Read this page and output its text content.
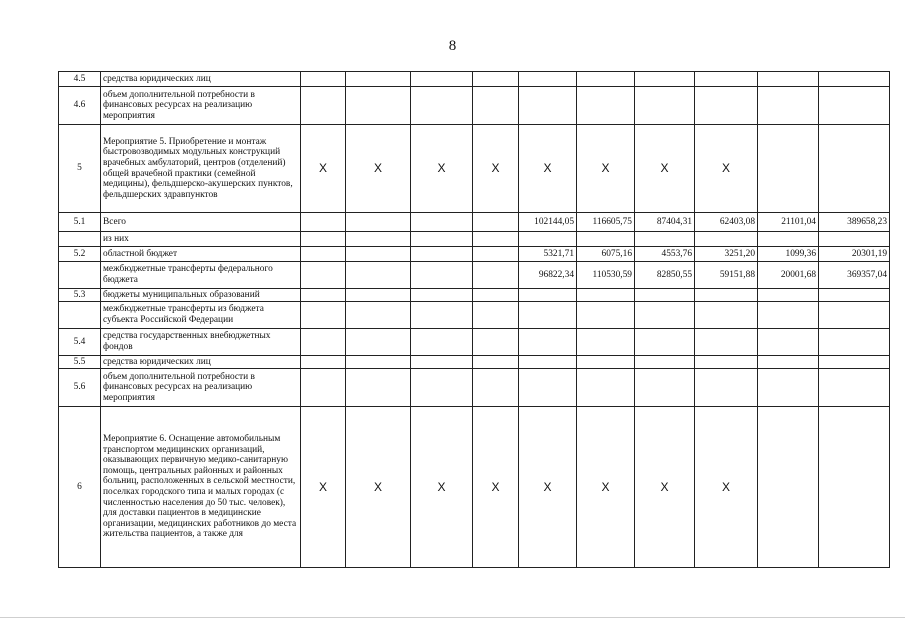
8
4.5	средства юридических лиц										
4.6	объем дополнительной потребности в финансовых ресурсах на реализацию мероприятия										
5	Мероприятие 5. Приобретение и монтаж быстровозводимых модульных конструкций врачебных амбулаторий, центров (отделений) общей врачебной практики (семейной медицины), фельдшерско-акушерских пунктов, фельдшерских здравпунктов	X	X	X	X	X	X	X	X		
5.1	Всего					102144,05	116605,75	87404,31	62403,08	21101,04	389658,23
	из них										
5.2	областной бюджет					5321,71	6075,16	4553,76	3251,20	1099,36	20301,19
	межбюджетные трансферты федерального бюджета					96822,34	110530,59	82850,55	59151,88	20001,68	369357,04
5.3	бюджеты муниципальных образований										
	межбюджетные трансферты из бюджета субъекта Российской Федерации										
5.4	средства государственных внебюджетных фондов										
5.5	средства юридических лиц										
5.6	объем дополнительной потребности в финансовых ресурсах на реализацию мероприятия										
6	Мероприятие 6. Оснащение автомобильным транспортом медицинских организаций, оказывающих первичную медико-санитарную помощь, центральных районных и районных больниц, расположенных в сельской местности, поселках городского типа и малых городах (с численностью населения до 50 тыс. человек), для доставки пациентов в медицинские организации, медицинских работников до места жительства пациентов, а также для	X	X	X	X	X	X	X	X		
